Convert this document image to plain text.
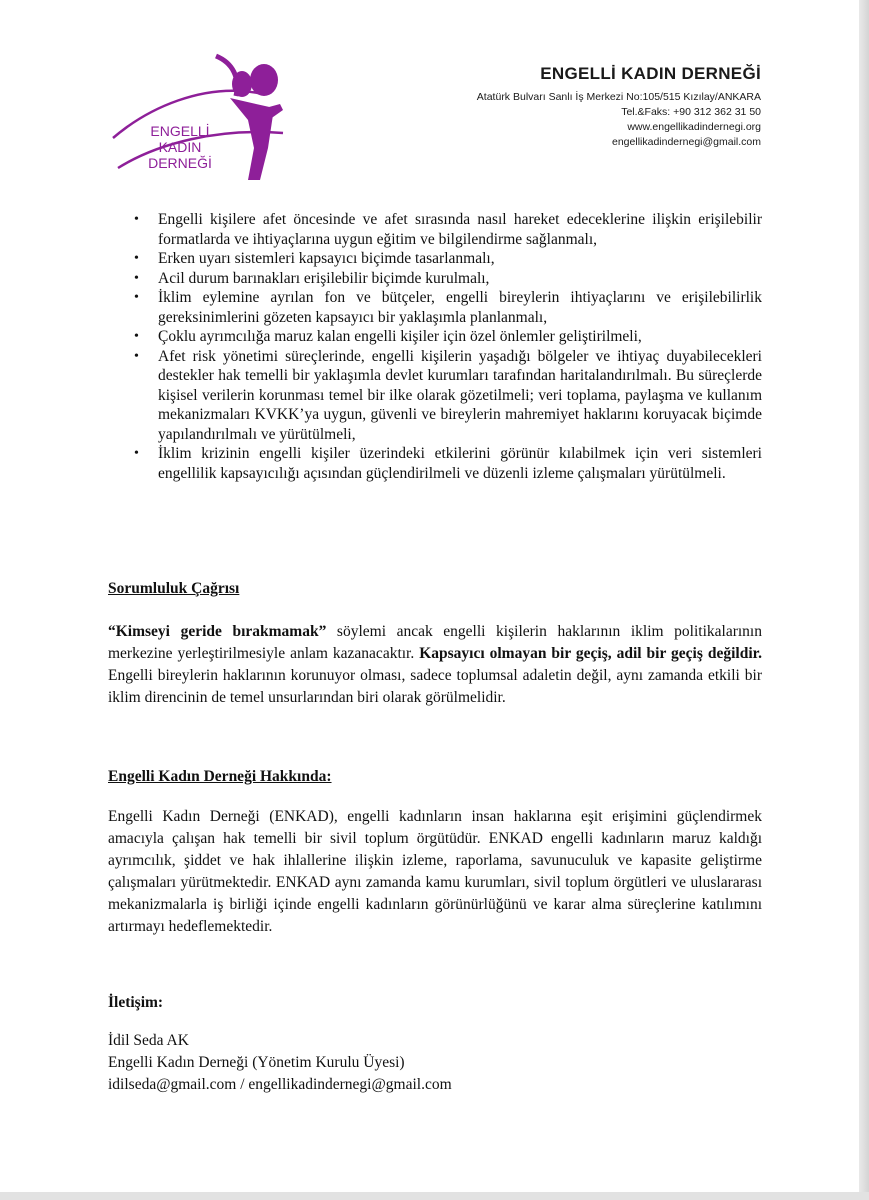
ENGELLİ
KADIN
DERNEĞİ
ENGELLİ KADIN DERNEĞİ
Atatürk Bulvarı Sanlı İş Merkezi No:105/515 Kızılay/ANKARA
Tel.&Faks: +90 312 362 31 50
www.engellikadindernegi.org
engellikadindernegi@gmail.com
• Engelli kişilere afet öncesinde ve afet sırasında nasıl hareket edeceklerine ilişkin erişilebilir formatlarda ve ihtiyaçlarına uygun eğitim ve bilgilendirme sağlanmalı,
• Erken uyarı sistemleri kapsayıcı biçimde tasarlanmalı,
• Acil durum barınakları erişilebilir biçimde kurulmalı,
• İklim eylemine ayrılan fon ve bütçeler, engelli bireylerin ihtiyaçlarını ve erişilebilirlik gereksinimlerini gözeten kapsayıcı bir yaklaşımla planlanmalı,
• Çoklu ayrımcılığa maruz kalan engelli kişiler için özel önlemler geliştirilmeli,
• Afet risk yönetimi süreçlerinde, engelli kişilerin yaşadığı bölgeler ve ihtiyaç duyabilecekleri destekler hak temelli bir yaklaşımla devlet kurumları tarafından haritalandırılmalı. Bu süreçlerde kişisel verilerin korunması temel bir ilke olarak gözetilmeli; veri toplama, paylaşma ve kullanım mekanizmaları KVKK’ya uygun, güvenli ve bireylerin mahremiyet haklarını koruyacak biçimde yapılandırılmalı ve yürütülmeli,
• İklim krizinin engelli kişiler üzerindeki etkilerini görünür kılabilmek için veri sistemleri engellilik kapsayıcılığı açısından güçlendirilmeli ve düzenli izleme çalışmaları yürütülmeli.
Sorumluluk Çağrısı

“Kimseyi geride bırakmamak” söylemi ancak engelli kişilerin haklarının iklim politikalarının merkezine yerleştirilmesiyle anlam kazanacaktır. Kapsayıcı olmayan bir geçiş, adil bir geçiş değildir. Engelli bireylerin haklarının korunuyor olması, sadece toplumsal adaletin değil, aynı zamanda etkili bir iklim direncinin de temel unsurlarından biri olarak görülmelidir.

Engelli Kadın Derneği Hakkında:

Engelli Kadın Derneği (ENKAD), engelli kadınların insan haklarına eşit erişimini güçlendirmek amacıyla çalışan hak temelli bir sivil toplum örgütüdür. ENKAD engelli kadınların maruz kaldığı ayrımcılık, şiddet ve hak ihlallerine ilişkin izleme, raporlama, savunuculuk ve kapasite geliştirme çalışmaları yürütmektedir. ENKAD aynı zamanda kamu kurumları, sivil toplum örgütleri ve uluslararası mekanizmalarla iş birliği içinde engelli kadınların görünürlüğünü ve karar alma süreçlerine katılımını artırmayı hedeflemektedir.

İletişim:
İdil Seda AK
Engelli Kadın Derneği (Yönetim Kurulu Üyesi)
idilseda@gmail.com / engellikadindernegi@gmail.com
